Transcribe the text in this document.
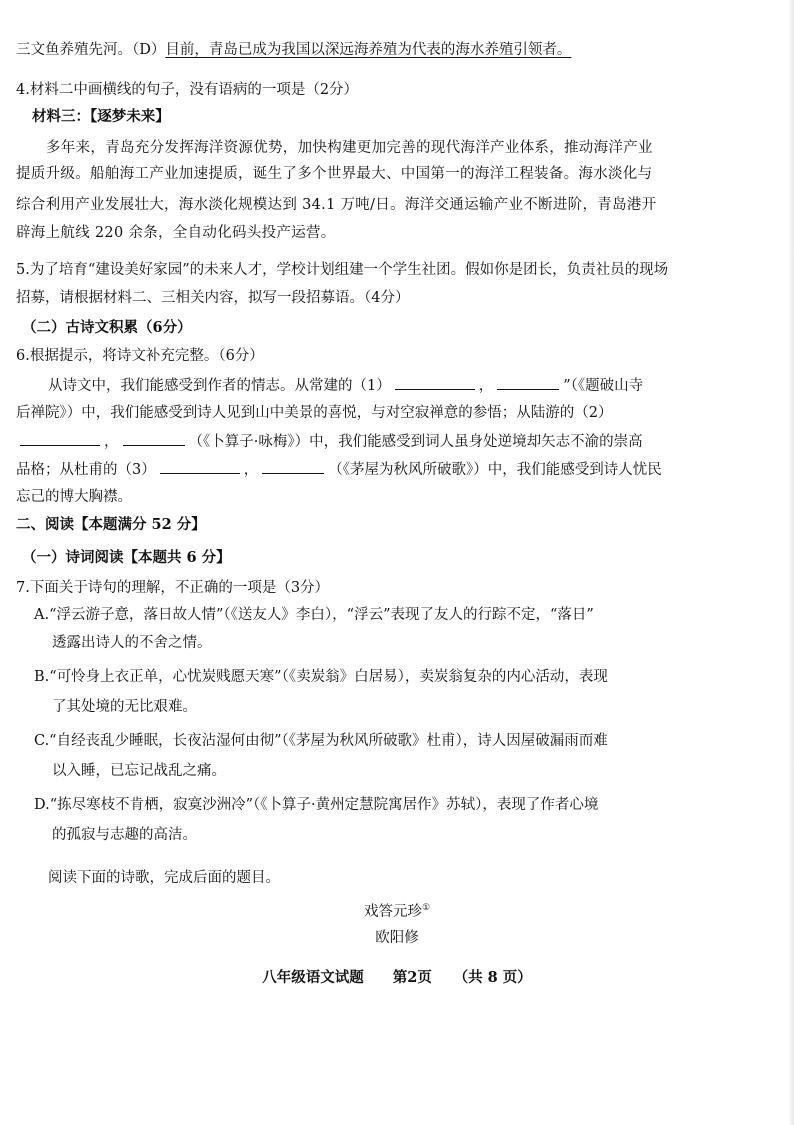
三文鱼养殖先河。（D）目前，青岛已成为我国以深远海养殖为代表的海水养殖引领者。
4.材料二中画横线的句子，没有语病的一项是（2分）
材料三：【逐梦未来】
多年来，青岛充分发挥海洋资源优势，加快构建更加完善的现代海洋产业体系，推动海洋产业
提质升级。船舶海工产业加速提质，诞生了多个世界最大、中国第一的海洋工程装备。海水淡化与
综合利用产业发展壮大，海水淡化规模达到 34.1 万吨/日。海洋交通运输产业不断进阶，青岛港开
辟海上航线 220 余条，全自动化码头投产运营。
5.为了培育“建设美好家园”的未来人才，学校计划组建一个学生社团。假如你是团长，负责社员的现场
招募，请根据材料二、三相关内容，拟写一段招募语。（4分）
（二）古诗文积累（6分）
6.根据提示，将诗文补充完整。（6分）
从诗文中，我们能感受到作者的情志。从常建的（1）	，	”（《题破山寺
后禅院》）中，我们能感受到诗人见到山中美景的喜悦，与对空寂禅意的参悟；从陆游的（2）
，	（《卜算子·咏梅》）中，我们能感受到词人虽身处逆境却矢志不渝的崇高
品格；从杜甫的（3）	，	（《茅屋为秋风所破歌》）中，我们能感受到诗人忧民
忘己的博大胸襟。
二、阅读【本题满分 52 分】
（一）诗词阅读【本题共 6 分】
7.下面关于诗句的理解，不正确的一项是（3分）
A.“浮云游子意，落日故人情”（《送友人》李白），“浮云”表现了友人的行踪不定，“落日”
透露出诗人的不舍之情。
B.“可怜身上衣正单，心忧炭贱愿天寒”（《卖炭翁》白居易），卖炭翁复杂的内心活动，表现
了其处境的无比艰难。
C.“自经丧乱少睡眠，长夜沾湿何由彻”（《茅屋为秋风所破歌》杜甫），诗人因屋破漏雨而难
以入睡，已忘记战乱之痛。
D.“拣尽寒枝不肯栖，寂寞沙洲冷”（《卜算子·黄州定慧院寓居作》苏轼），表现了作者心境
的孤寂与志趣的高洁。
阅读下面的诗歌，完成后面的题目。
戏答元珍①
欧阳修
八年级语文试题　　第2页　　（共 8 页）
